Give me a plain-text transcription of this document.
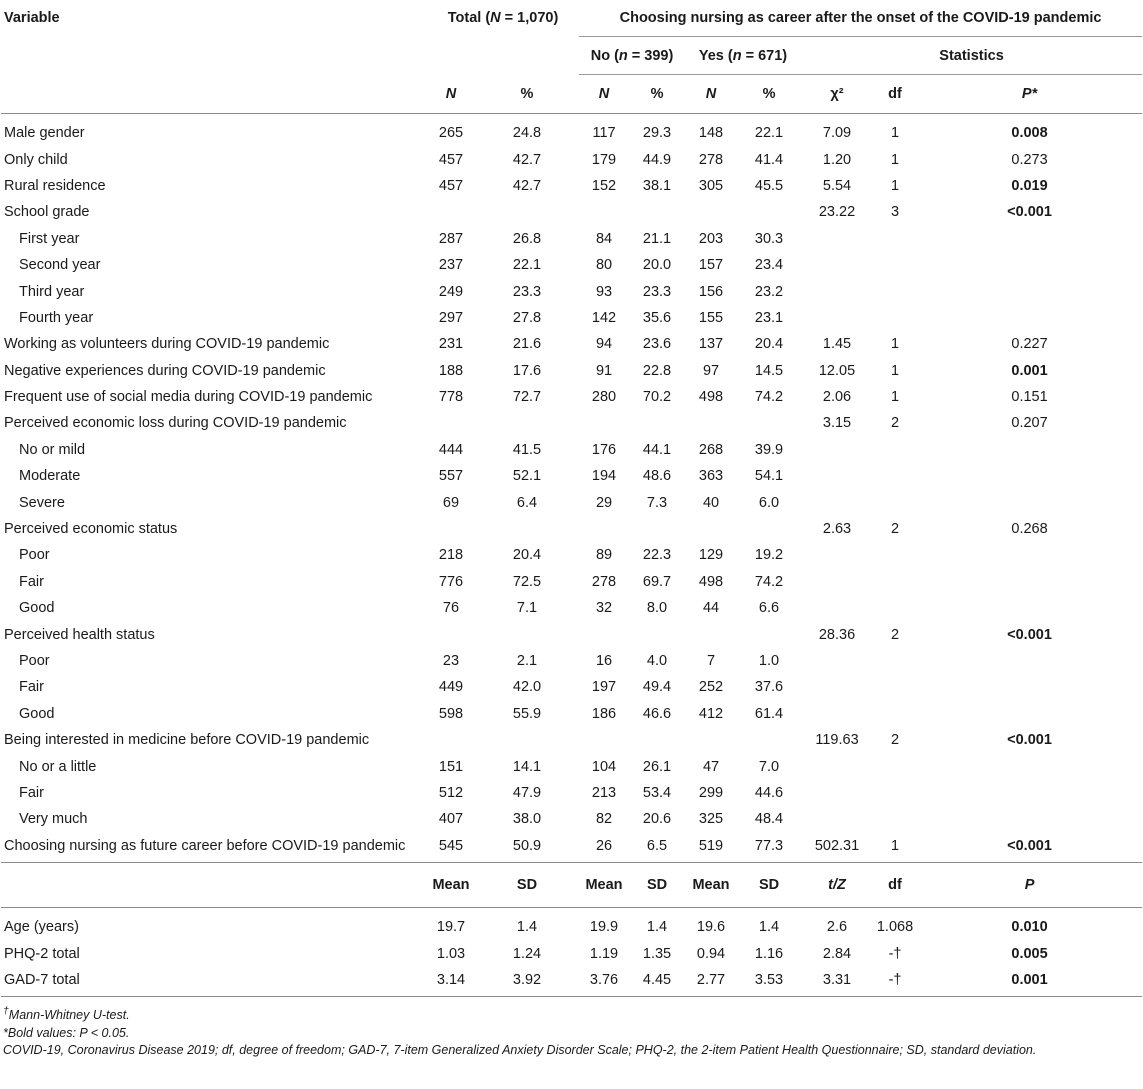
Variable	Total (N = 1,070)		Choosing nursing as career after the onset of the COVID-19 pandemic						
			No (n = 399)		Yes (n = 671)		Statistics		
	N	%	N	%	N	%	χ²	df	P*
Male gender	265	24.8	117	29.3	148	22.1	7.09	1	0.008
Only child	457	42.7	179	44.9	278	41.4	1.20	1	0.273
Rural residence	457	42.7	152	38.1	305	45.5	5.54	1	0.019
School grade							23.22	3	<0.001
First year	287	26.8	84	21.1	203	30.3			
Second year	237	22.1	80	20.0	157	23.4			
Third year	249	23.3	93	23.3	156	23.2			
Fourth year	297	27.8	142	35.6	155	23.1			
Working as volunteers during COVID-19 pandemic	231	21.6	94	23.6	137	20.4	1.45	1	0.227
Negative experiences during COVID-19 pandemic	188	17.6	91	22.8	97	14.5	12.05	1	0.001
Frequent use of social media during COVID-19 pandemic	778	72.7	280	70.2	498	74.2	2.06	1	0.151
Perceived economic loss during COVID-19 pandemic							3.15	2	0.207
No or mild	444	41.5	176	44.1	268	39.9			
Moderate	557	52.1	194	48.6	363	54.1			
Severe	69	6.4	29	7.3	40	6.0			
Perceived economic status							2.63	2	0.268
Poor	218	20.4	89	22.3	129	19.2			
Fair	776	72.5	278	69.7	498	74.2			
Good	76	7.1	32	8.0	44	6.6			
Perceived health status							28.36	2	<0.001
Poor	23	2.1	16	4.0	7	1.0			
Fair	449	42.0	197	49.4	252	37.6			
Good	598	55.9	186	46.6	412	61.4			
Being interested in medicine before COVID-19 pandemic							119.63	2	<0.001
No or a little	151	14.1	104	26.1	47	7.0			
Fair	512	47.9	213	53.4	299	44.6			
Very much	407	38.0	82	20.6	325	48.4			
Choosing nursing as future career before COVID-19 pandemic	545	50.9	26	6.5	519	77.3	502.31	1	<0.001
	Mean	SD	Mean	SD	Mean	SD	t/Z	df	P
Age (years)	19.7	1.4	19.9	1.4	19.6	1.4	2.6	1.068	0.010
PHQ-2 total	1.03	1.24	1.19	1.35	0.94	1.16	2.84	-†	0.005
GAD-7 total	3.14	3.92	3.76	4.45	2.77	3.53	3.31	-†	0.001
†Mann-Whitney U-test.
*Bold values: P < 0.05.
COVID-19, Coronavirus Disease 2019; df, degree of freedom; GAD-7, 7-item Generalized Anxiety Disorder Scale; PHQ-2, the 2-item Patient Health Questionnaire; SD, standard deviation.
